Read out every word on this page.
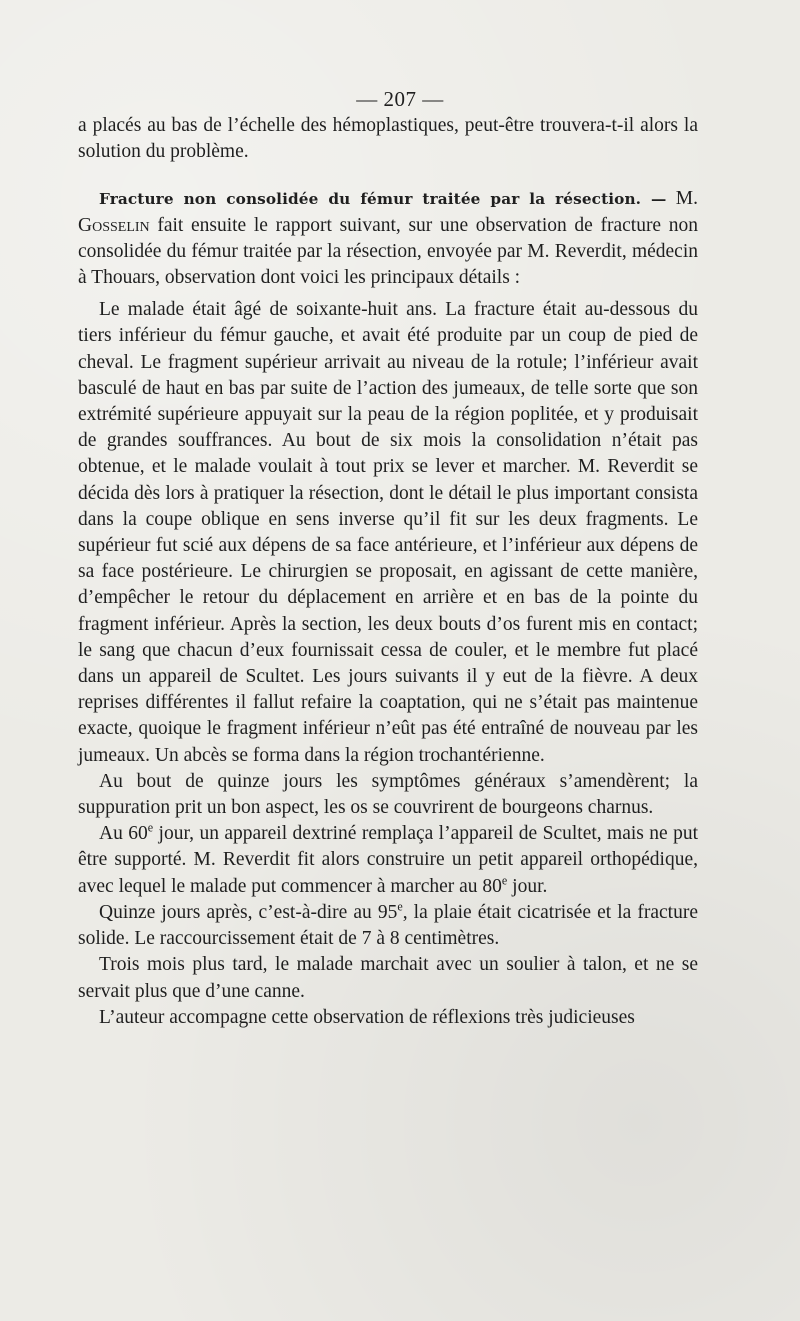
— 207 —

a placés au bas de l’échelle des hémoplastiques, peut-être trouvera-t-il alors la solution du problème.

Fracture non consolidée du fémur traitée par la résection. — M. Gosselin fait ensuite le rapport suivant, sur une observation de fracture non consolidée du fémur traitée par la résection, envoyée par M. Reverdit, médecin à Thouars, observation dont voici les principaux détails :

Le malade était âgé de soixante-huit ans. La fracture était au-dessous du tiers inférieur du fémur gauche, et avait été produite par un coup de pied de cheval. Le fragment supérieur arrivait au niveau de la rotule; l’inférieur avait basculé de haut en bas par suite de l’action des jumeaux, de telle sorte que son extrémité supérieure appuyait sur la peau de la région poplitée, et y produisait de grandes souffrances. Au bout de six mois la consolidation n’était pas obtenue, et le malade voulait à tout prix se lever et marcher. M. Reverdit se décida dès lors à pratiquer la résection, dont le détail le plus important consista dans la coupe oblique en sens inverse qu’il fit sur les deux fragments. Le supérieur fut scié aux dépens de sa face antérieure, et l’inférieur aux dépens de sa face postérieure. Le chirurgien se proposait, en agissant de cette manière, d’empêcher le retour du déplacement en arrière et en bas de la pointe du fragment inférieur. Après la section, les deux bouts d’os furent mis en contact; le sang que chacun d’eux fournissait cessa de couler, et le membre fut placé dans un appareil de Scultet. Les jours suivants il y eut de la fièvre. A deux reprises différentes il fallut refaire la coaptation, qui ne s’était pas maintenue exacte, quoique le fragment inférieur n’eût pas été entraîné de nouveau par les jumeaux. Un abcès se forma dans la région trochantérienne.

Au bout de quinze jours les symptômes généraux s’amendèrent; la suppuration prit un bon aspect, les os se couvrirent de bourgeons charnus.

Au 60e jour, un appareil dextriné remplaça l’appareil de Scultet, mais ne put être supporté. M. Reverdit fit alors construire un petit appareil orthopédique, avec lequel le malade put commencer à marcher au 80e jour.

Quinze jours après, c’est-à-dire au 95e, la plaie était cicatrisée et la fracture solide. Le raccourcissement était de 7 à 8 centimètres.

Trois mois plus tard, le malade marchait avec un soulier à talon, et ne se servait plus que d’une canne.

L’auteur accompagne cette observation de réflexions très judicieuses
